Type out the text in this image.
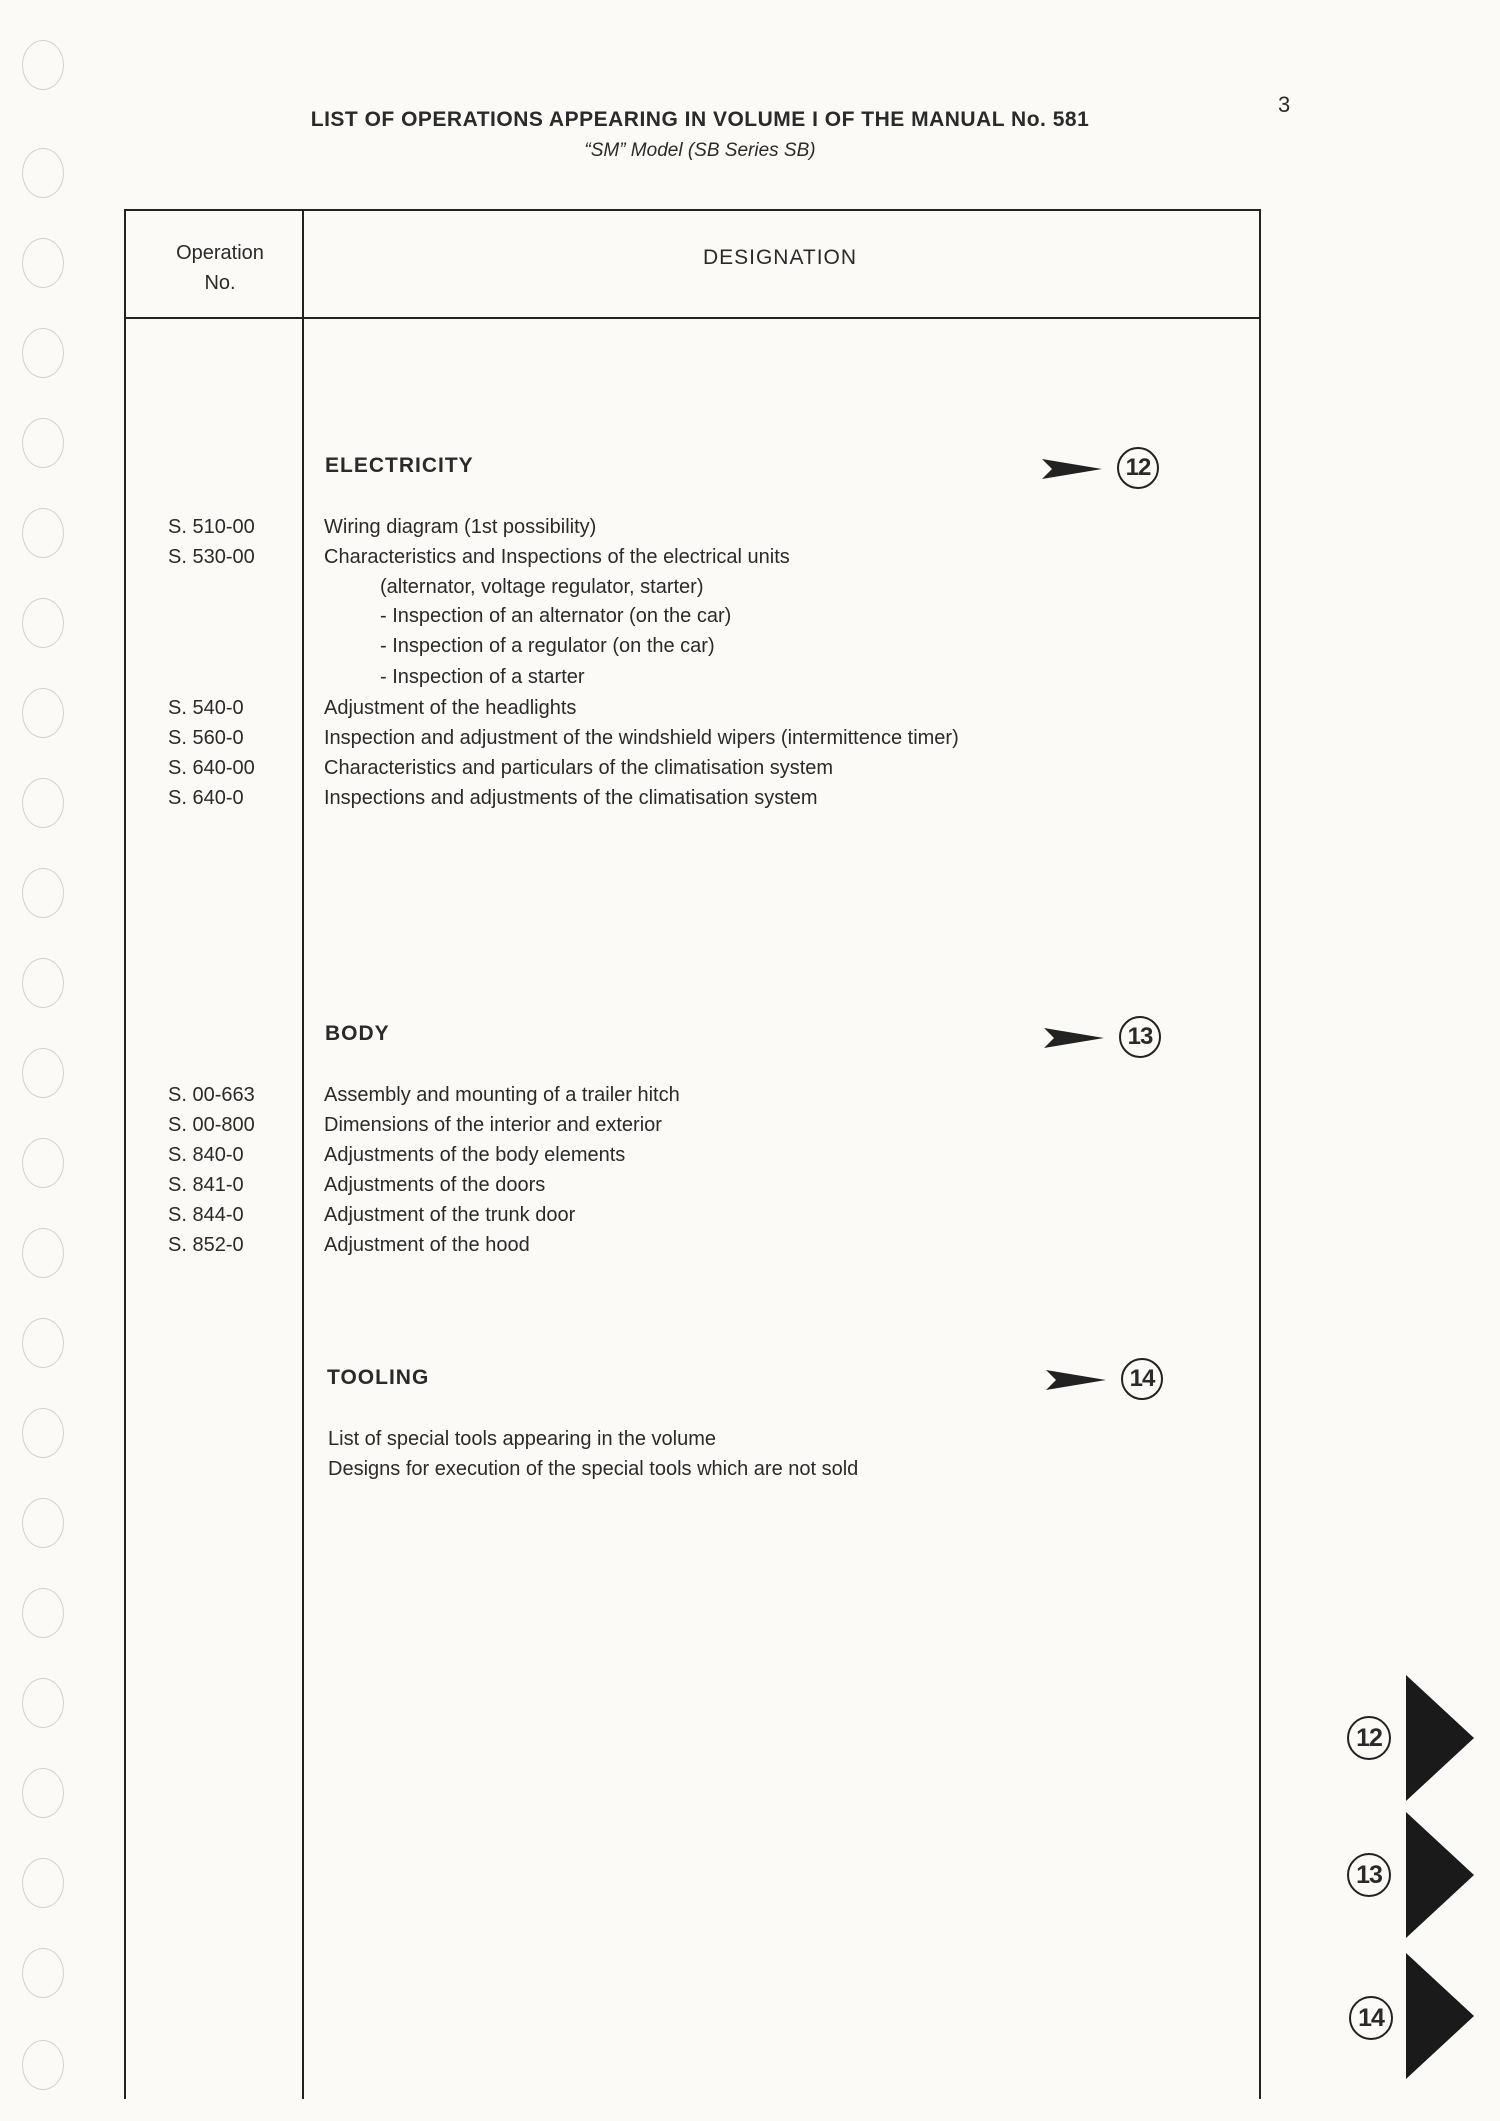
3
LIST OF OPERATIONS APPEARING IN VOLUME I OF THE MANUAL No. 581
“SM” Model (SB Series SB)
Operation
No.
DESIGNATION
ELECTRICITY	12
S. 510-00	Wiring diagram (1st possibility)
S. 530-00	Characteristics and Inspections of the electrical units
(alternator, voltage regulator, starter)
- Inspection of an alternator (on the car)
- Inspection of a regulator (on the car)
- Inspection of a starter
S. 540-0	Adjustment of the headlights
S. 560-0	Inspection and adjustment of the windshield wipers (intermittence timer)
S. 640-00	Characteristics and particulars of the climatisation system
S. 640-0	Inspections and adjustments of the climatisation system
BODY	13
S. 00-663	Assembly and mounting of a trailer hitch
S. 00-800	Dimensions of the interior and exterior
S. 840-0	Adjustments of the body elements
S. 841-0	Adjustments of the doors
S. 844-0	Adjustment of the trunk door
S. 852-0	Adjustment of the hood
TOOLING	14
List of special tools appearing in the volume
Designs for execution of the special tools which are not sold
12
13
14
